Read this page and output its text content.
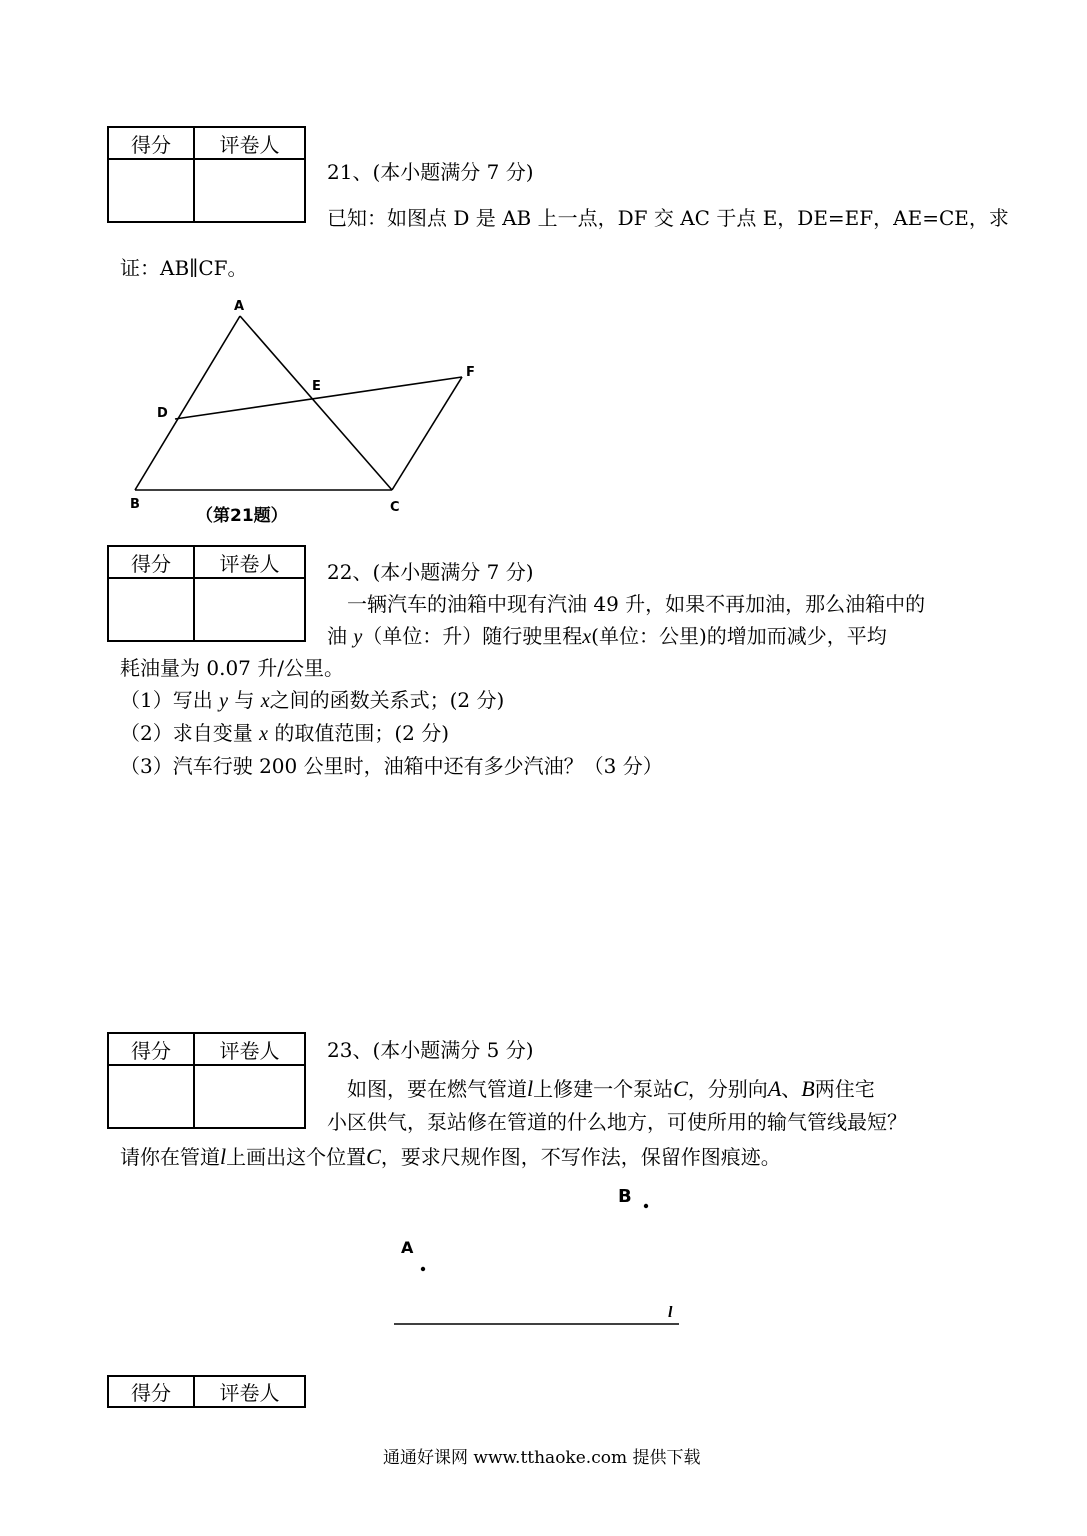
得分	评卷人

21、(本小题满分 7 分)
已知：如图点 D 是 AB 上一点，DF 交 AC 于点 E，DE=EF，AE=CE，求
证：AB∥CF。
A
B	C
D
E
F
（第21题）
得分	评卷人
	22、(本小题满分 7 分)
一辆汽车的油箱中现有汽油 49 升，如果不再加油，那么油箱中的
油 y（单位：升）随行驶里程x(单位：公里)的增加而减少，平均
耗油量为 0.07 升/公里。
（1）写出 y 与 x之间的函数关系式；(2 分)
（2）求自变量 x 的取值范围；(2 分)
（3）汽车行驶 200 公里时，油箱中还有多少汽油？（3 分）
得分	评卷人
	23、(本小题满分 5 分)
如图，要在燃气管道l上修建一个泵站C，分别向A、B两住宅
小区供气，泵站修在管道的什么地方，可使所用的输气管线最短？
请你在管道l上画出这个位置C，要求尺规作图，不写作法，保留作图痕迹。
B
A
l
得分	评卷人
通通好课网 www.tthaoke.com 提供下载
